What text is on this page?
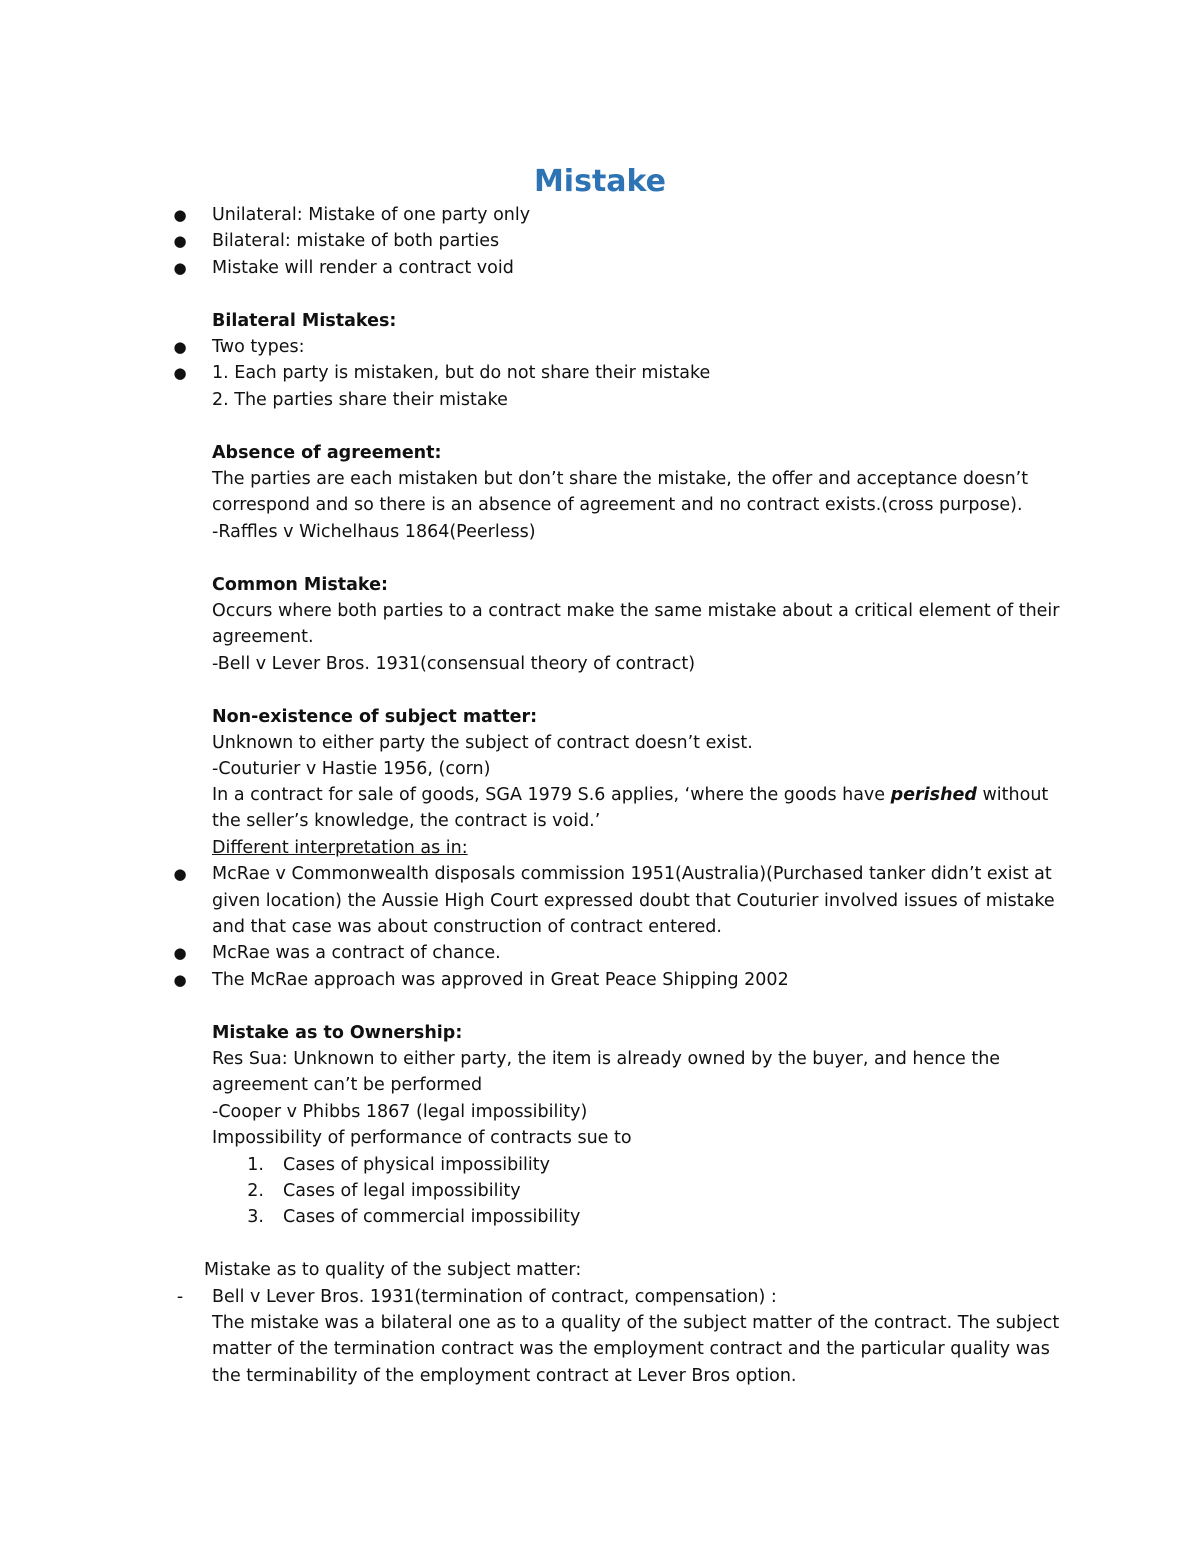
Mistake
● Unilateral: Mistake of one party only
● Bilateral: mistake of both parties
● Mistake will render a contract void
Bilateral Mistakes:
● Two types:
● 1. Each party is mistaken, but do not share their mistake
2. The parties share their mistake
Absence of agreement:
The parties are each mistaken but don’t share the mistake, the offer and acceptance doesn’t
correspond and so there is an absence of agreement and no contract exists.(cross purpose).
-Raffles v Wichelhaus 1864(Peerless)
Common Mistake:
Occurs where both parties to a contract make the same mistake about a critical element of their
agreement.
-Bell v Lever Bros. 1931(consensual theory of contract)
Non-existence of subject matter:
Unknown to either party the subject of contract doesn’t exist.
-Couturier v Hastie 1956, (corn)
In a contract for sale of goods, SGA 1979 S.6 applies, ‘where the goods have perished without
the seller’s knowledge, the contract is void.’
Different interpretation as in:
● McRae v Commonwealth disposals commission 1951(Australia)(Purchased tanker didn’t exist at
given location) the Aussie High Court expressed doubt that Couturier involved issues of mistake
and that case was about construction of contract entered.
● McRae was a contract of chance.
● The McRae approach was approved in Great Peace Shipping 2002
Mistake as to Ownership:
Res Sua: Unknown to either party, the item is already owned by the buyer, and hence the
agreement can’t be performed
-Cooper v Phibbs 1867 (legal impossibility)
Impossibility of performance of contracts sue to
1. Cases of physical impossibility
2. Cases of legal impossibility
3. Cases of commercial impossibility
Mistake as to quality of the subject matter:
- Bell v Lever Bros. 1931(termination of contract, compensation) :
The mistake was a bilateral one as to a quality of the subject matter of the contract. The subject
matter of the termination contract was the employment contract and the particular quality was
the terminability of the employment contract at Lever Bros option.
